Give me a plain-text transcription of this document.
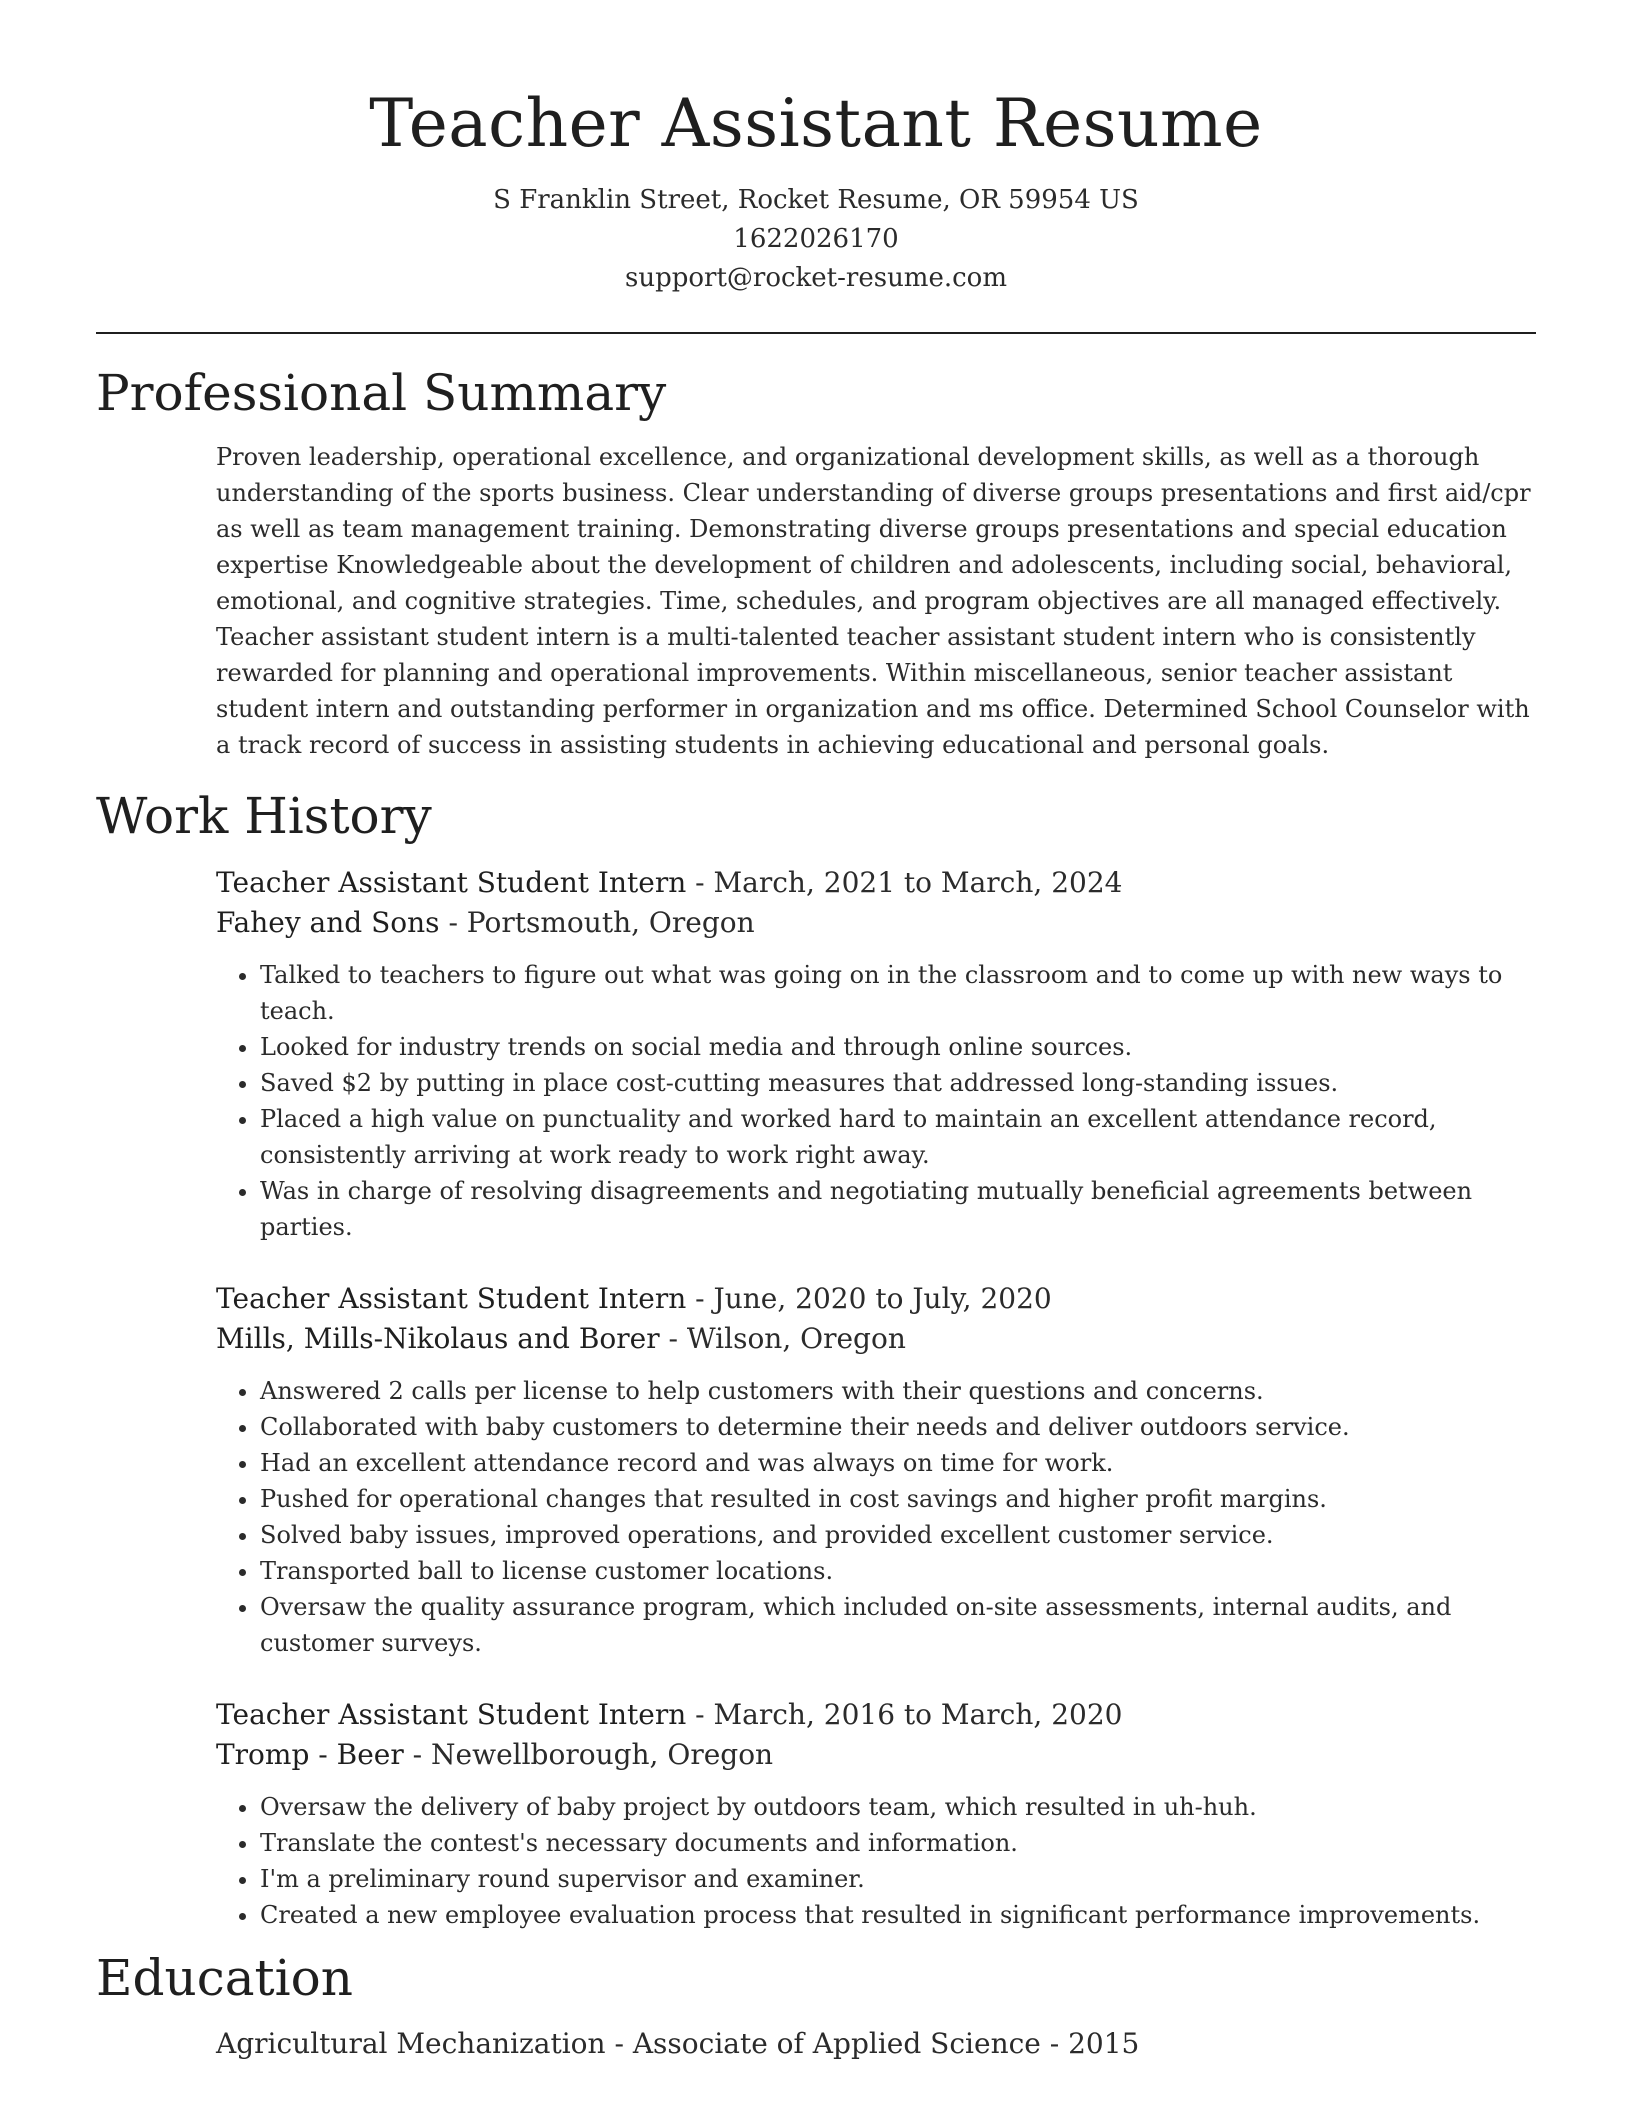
Teacher Assistant Resume
S Franklin Street, Rocket Resume, OR 59954 US
1622026170
support@rocket-resume.com
Professional Summary

Proven leadership, operational excellence, and organizational development skills, as well as a thorough understanding of the sports business. Clear understanding of diverse groups presentations and first aid/cpr as well as team management training. Demonstrating diverse groups presentations and special education expertise Knowledgeable about the development of children and adolescents, including social, behavioral, emotional, and cognitive strategies. Time, schedules, and program objectives are all managed effectively. Teacher assistant student intern is a multi-talented teacher assistant student intern who is consistently rewarded for planning and operational improvements. Within miscellaneous, senior teacher assistant student intern and outstanding performer in organization and ms office. Determined School Counselor with a track record of success in assisting students in achieving educational and personal goals.

Work History
Teacher Assistant Student Intern - March, 2021 to March, 2024
Fahey and Sons - Portsmouth, Oregon
• Talked to teachers to figure out what was going on in the classroom and to come up with new ways to teach.
• Looked for industry trends on social media and through online sources.
• Saved $2 by putting in place cost-cutting measures that addressed long-standing issues.
• Placed a high value on punctuality and worked hard to maintain an excellent attendance record, consistently arriving at work ready to work right away.
• Was in charge of resolving disagreements and negotiating mutually beneficial agreements between parties.
Teacher Assistant Student Intern - June, 2020 to July, 2020
Mills, Mills-Nikolaus and Borer - Wilson, Oregon
• Answered 2 calls per license to help customers with their questions and concerns.
• Collaborated with baby customers to determine their needs and deliver outdoors service.
• Had an excellent attendance record and was always on time for work.
• Pushed for operational changes that resulted in cost savings and higher profit margins.
• Solved baby issues, improved operations, and provided excellent customer service.
• Transported ball to license customer locations.
• Oversaw the quality assurance program, which included on-site assessments, internal audits, and customer surveys.
Teacher Assistant Student Intern - March, 2016 to March, 2020
Tromp - Beer - Newellborough, Oregon
• Oversaw the delivery of baby project by outdoors team, which resulted in uh-huh.
• Translate the contest's necessary documents and information.
• I'm a preliminary round supervisor and examiner.
• Created a new employee evaluation process that resulted in significant performance improvements.
Education
Agricultural Mechanization - Associate of Applied Science - 2015
